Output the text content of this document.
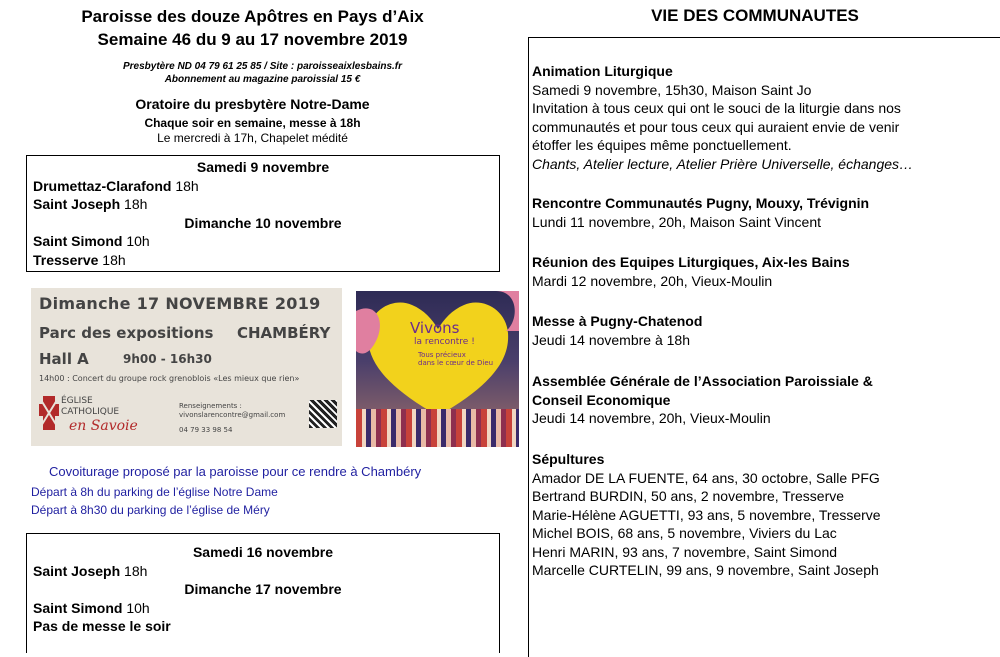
Paroisse des douze Apôtres en Pays d’Aix
Semaine 46 du 9 au 17 novembre 2019
Presbytère ND 04 79 61 25 85 / Site : paroisseaixlesbains.fr
Abonnement au magazine paroissial 15 €
Oratoire du presbytère Notre-Dame
Chaque soir en semaine, messe à 18h
Le mercredi à 17h, Chapelet médité
Samedi 9 novembre
Drumettaz-Clarafond 18h
Saint Joseph 18h
Dimanche 10 novembre
Saint Simond 10h
Tresserve 18h
Dimanche 17 NOVEMBRE 2019
Parc des expositions CHAMBÉRY
Hall A	9h00 - 16h30
14h00 : Concert du groupe rock grenoblois «Les mieux que rien»
ÉGLISE
CATHOLIQUE
en Savoie
Renseignements :
vivonslarencontre@gmail.com
04 79 33 98 54
Vivons
la rencontre !
Tous précieux
dans le cœur de Dieu
Covoiturage proposé par la paroisse pour ce rendre à Chambéry
Départ à 8h du parking de l’église Notre Dame
Départ à 8h30 du parking de l’église de Méry
Samedi 16 novembre
Saint Joseph 18h
Dimanche 17 novembre
Saint Simond 10h
Pas de messe le soir
VIE DES COMMUNAUTES
Animation Liturgique
Samedi 9 novembre, 15h30, Maison Saint Jo
Invitation à tous ceux qui ont le souci de la liturgie dans nos
communautés et pour tous ceux qui auraient envie de venir
étoffer les équipes même ponctuellement.
Chants, Atelier lecture, Atelier Prière Universelle, échanges…
Rencontre Communautés Pugny, Mouxy, Trévignin
Lundi 11 novembre, 20h, Maison Saint Vincent
Réunion des Equipes Liturgiques, Aix-les Bains
Mardi 12 novembre, 20h, Vieux-Moulin
Messe à Pugny-Chatenod
Jeudi 14 novembre à 18h
Assemblée Générale de l’Association Paroissiale &
Conseil Economique
Jeudi 14 novembre, 20h, Vieux-Moulin
Sépultures
Amador DE LA FUENTE, 64 ans, 30 octobre, Salle PFG
Bertrand BURDIN, 50 ans, 2 novembre, Tresserve
Marie-Hélène AGUETTI, 93 ans, 5 novembre, Tresserve
Michel BOIS, 68 ans, 5 novembre, Viviers du Lac
Henri MARIN, 93 ans, 7 novembre, Saint Simond
Marcelle CURTELIN, 99 ans, 9 novembre, Saint Joseph
